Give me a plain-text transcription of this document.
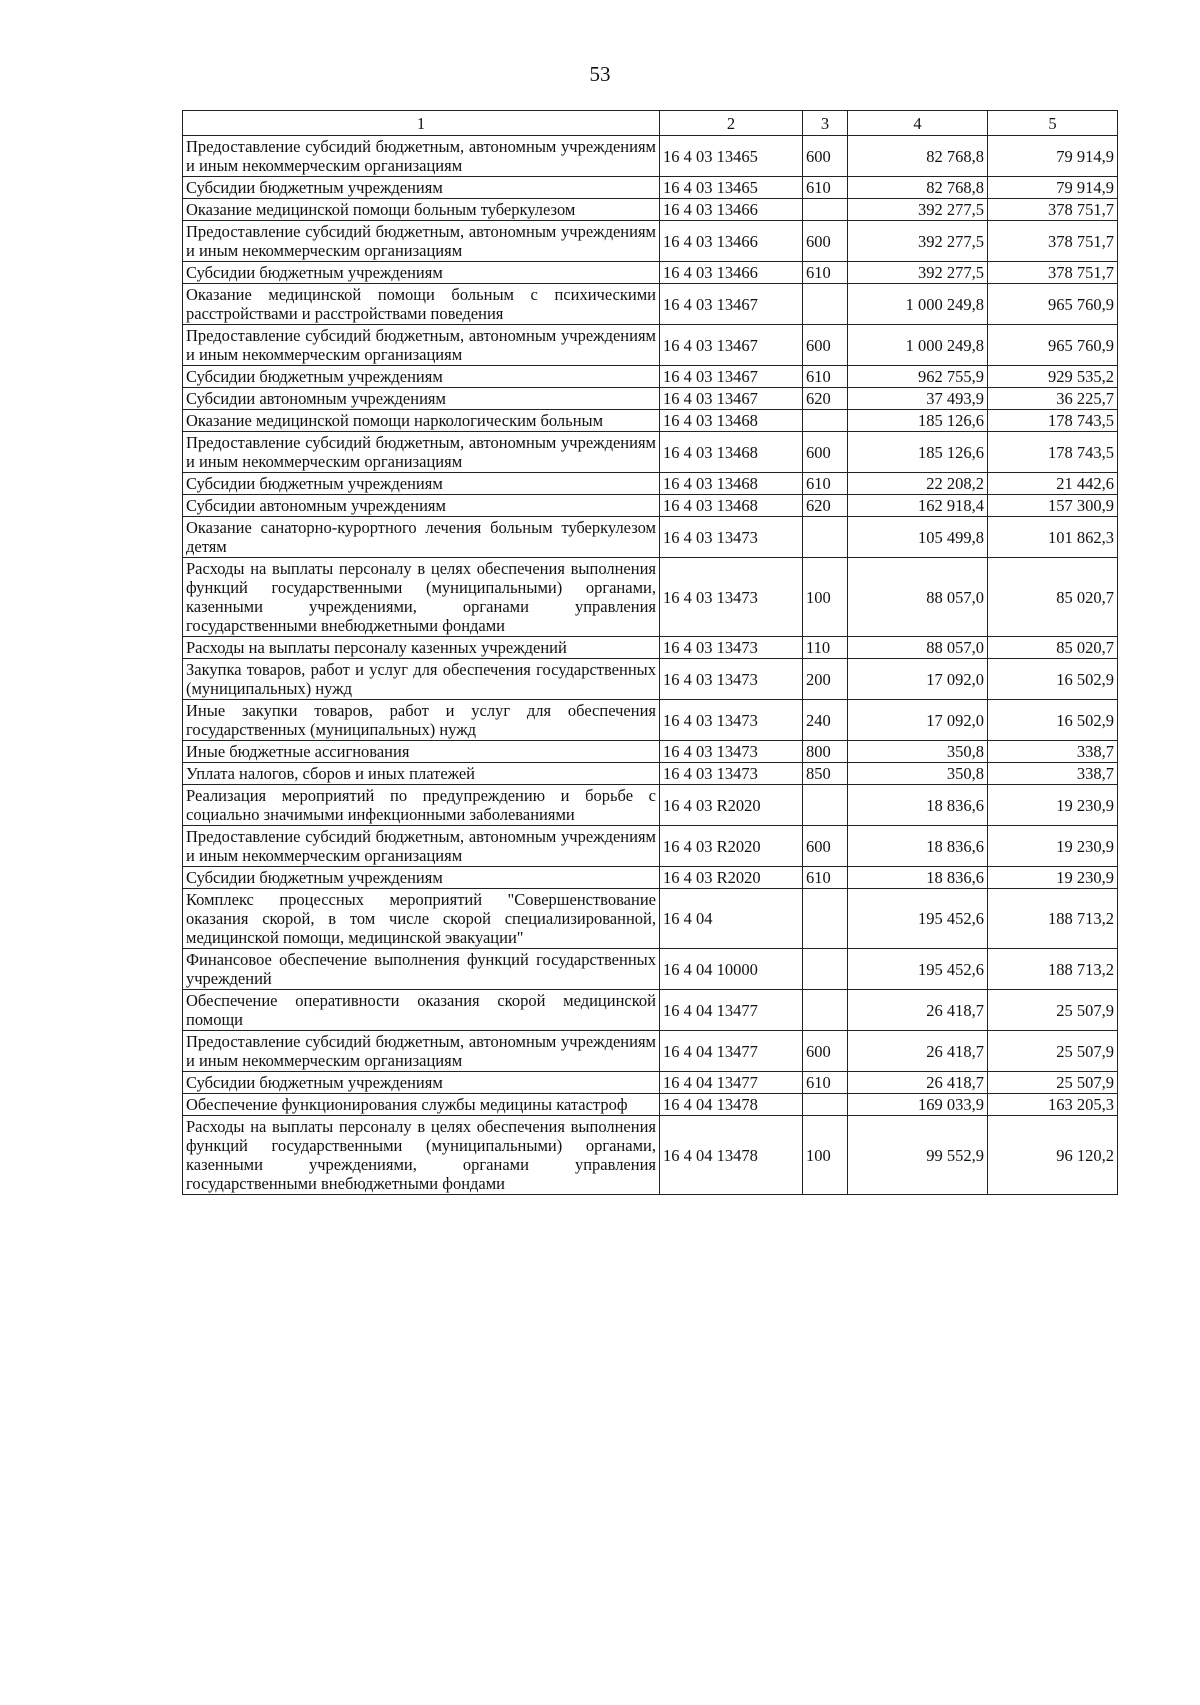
53
1	2	3	4	5
Предоставление субсидий бюджетным, автономным учреждениям и иным некоммерческим организациям	16 4 03 13465	600	82 768,8	79 914,9
Субсидии бюджетным учреждениям	16 4 03 13465	610	82 768,8	79 914,9
Оказание медицинской помощи больным туберкулезом	16 4 03 13466		392 277,5	378 751,7
Предоставление субсидий бюджетным, автономным учреждениям и иным некоммерческим организациям	16 4 03 13466	600	392 277,5	378 751,7
Субсидии бюджетным учреждениям	16 4 03 13466	610	392 277,5	378 751,7
Оказание медицинской помощи больным с психическими расстройствами и расстройствами поведения	16 4 03 13467		1 000 249,8	965 760,9
Предоставление субсидий бюджетным, автономным учреждениям и иным некоммерческим организациям	16 4 03 13467	600	1 000 249,8	965 760,9
Субсидии бюджетным учреждениям	16 4 03 13467	610	962 755,9	929 535,2
Субсидии автономным учреждениям	16 4 03 13467	620	37 493,9	36 225,7
Оказание медицинской помощи наркологическим больным	16 4 03 13468		185 126,6	178 743,5
Предоставление субсидий бюджетным, автономным учреждениям и иным некоммерческим организациям	16 4 03 13468	600	185 126,6	178 743,5
Субсидии бюджетным учреждениям	16 4 03 13468	610	22 208,2	21 442,6
Субсидии автономным учреждениям	16 4 03 13468	620	162 918,4	157 300,9
Оказание санаторно-курортного лечения больным туберкулезом детям	16 4 03 13473		105 499,8	101 862,3
Расходы на выплаты персоналу в целях обеспечения выполнения функций государственными (муниципальными) органами, казенными учреждениями, органами управления государственными внебюджетными фондами	16 4 03 13473	100	88 057,0	85 020,7
Расходы на выплаты персоналу казенных учреждений	16 4 03 13473	110	88 057,0	85 020,7
Закупка товаров, работ и услуг для обеспечения государственных (муниципальных) нужд	16 4 03 13473	200	17 092,0	16 502,9
Иные закупки товаров, работ и услуг для обеспечения государственных (муниципальных) нужд	16 4 03 13473	240	17 092,0	16 502,9
Иные бюджетные ассигнования	16 4 03 13473	800	350,8	338,7
Уплата налогов, сборов и иных платежей	16 4 03 13473	850	350,8	338,7
Реализация мероприятий по предупреждению и борьбе с социально значимыми инфекционными заболеваниями	16 4 03 R2020		18 836,6	19 230,9
Предоставление субсидий бюджетным, автономным учреждениям и иным некоммерческим организациям	16 4 03 R2020	600	18 836,6	19 230,9
Субсидии бюджетным учреждениям	16 4 03 R2020	610	18 836,6	19 230,9
Комплекс процессных мероприятий "Совершенствование оказания скорой, в том числе скорой специализированной, медицинской помощи, медицинской эвакуации"	16 4 04		195 452,6	188 713,2
Финансовое обеспечение выполнения функций государственных учреждений	16 4 04 10000		195 452,6	188 713,2
Обеспечение оперативности оказания скорой медицинской помощи	16 4 04 13477		26 418,7	25 507,9
Предоставление субсидий бюджетным, автономным учреждениям и иным некоммерческим организациям	16 4 04 13477	600	26 418,7	25 507,9
Субсидии бюджетным учреждениям	16 4 04 13477	610	26 418,7	25 507,9
Обеспечение функционирования службы медицины катастроф	16 4 04 13478		169 033,9	163 205,3
Расходы на выплаты персоналу в целях обеспечения выполнения функций государственными (муниципальными) органами, казенными учреждениями, органами управления государственными внебюджетными фондами	16 4 04 13478	100	99 552,9	96 120,2
